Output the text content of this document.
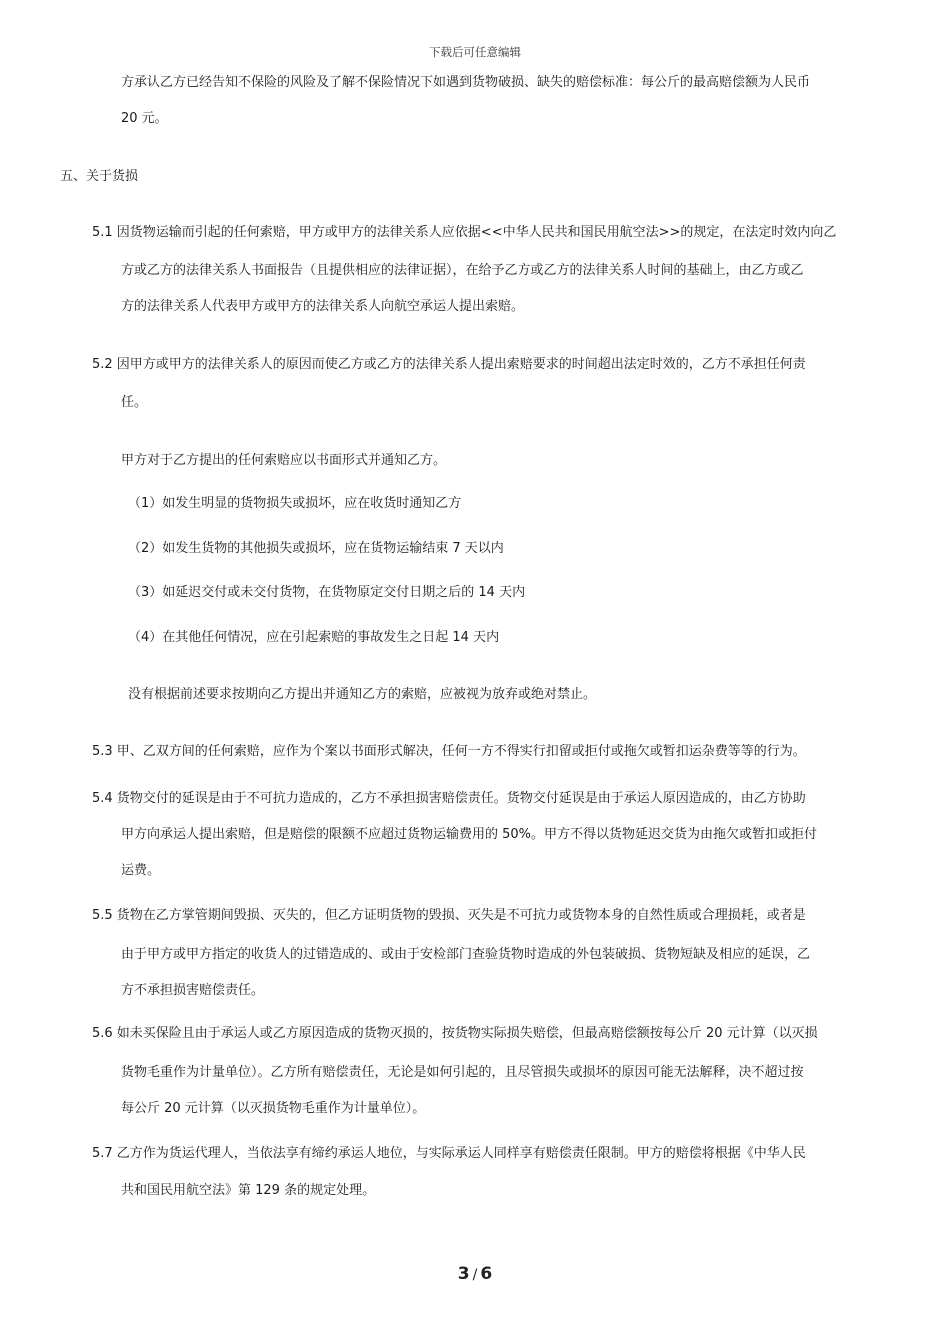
下载后可任意编辑
方承认乙方已经告知不保险的风险及了解不保险情况下如遇到货物破损、缺失的赔偿标准：每公斤的最高赔偿额为人民币
20 元。
五、关于货损
5.1 因货物运输而引起的任何索赔，甲方或甲方的法律关系人应依据<<中华人民共和国民用航空法>>的规定，在法定时效内向乙
方或乙方的法律关系人书面报告（且提供相应的法律证据），在给予乙方或乙方的法律关系人时间的基础上，由乙方或乙
方的法律关系人代表甲方或甲方的法律关系人向航空承运人提出索赔。
5.2 因甲方或甲方的法律关系人的原因而使乙方或乙方的法律关系人提出索赔要求的时间超出法定时效的，乙方不承担任何责
任。
甲方对于乙方提出的任何索赔应以书面形式并通知乙方。
（1）如发生明显的货物损失或损坏，应在收货时通知乙方
（2）如发生货物的其他损失或损坏，应在货物运输结束 7 天以内
（3）如延迟交付或未交付货物，在货物原定交付日期之后的 14 天内
（4）在其他任何情况，应在引起索赔的事故发生之日起 14 天内
没有根据前述要求按期向乙方提出并通知乙方的索赔，应被视为放弃或绝对禁止。
5.3 甲、乙双方间的任何索赔，应作为个案以书面形式解决，任何一方不得实行扣留或拒付或拖欠或暂扣运杂费等等的行为。
5.4 货物交付的延误是由于不可抗力造成的，乙方不承担损害赔偿责任。货物交付延误是由于承运人原因造成的，由乙方协助
甲方向承运人提出索赔，但是赔偿的限额不应超过货物运输费用的 50%。甲方不得以货物延迟交货为由拖欠或暂扣或拒付
运费。
5.5 货物在乙方掌管期间毁损、灭失的，但乙方证明货物的毁损、灭失是不可抗力或货物本身的自然性质或合理损耗，或者是
由于甲方或甲方指定的收货人的过错造成的、或由于安检部门查验货物时造成的外包装破损、货物短缺及相应的延误，乙
方不承担损害赔偿责任。
5.6 如未买保险且由于承运人或乙方原因造成的货物灭损的，按货物实际损失赔偿，但最高赔偿额按每公斤 20 元计算（以灭损
货物毛重作为计量单位）。乙方所有赔偿责任，无论是如何引起的，且尽管损失或损坏的原因可能无法解释，决不超过按
每公斤 20 元计算（以灭损货物毛重作为计量单位）。
5.7 乙方作为货运代理人，当依法享有缔约承运人地位，与实际承运人同样享有赔偿责任限制。甲方的赔偿将根据《中华人民
共和国民用航空法》第 129 条的规定处理。
3 / 6
